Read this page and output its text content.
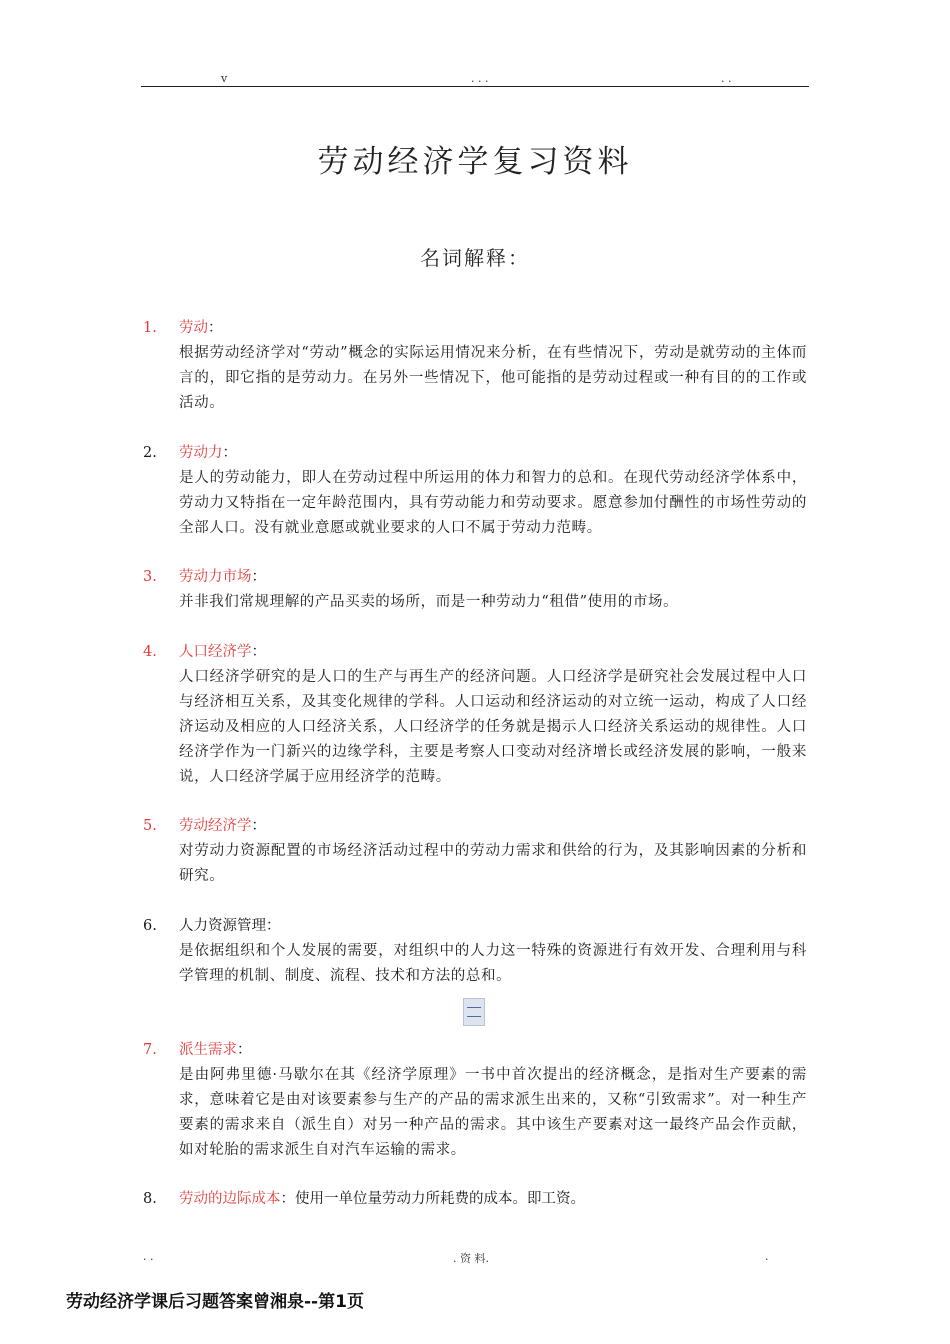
v	. . .	. .
劳动经济学复习资料
名词解释：
1. 劳动：
根据劳动经济学对“劳动”概念的实际运用情况来分析，在有些情况下，劳动是就劳动的主体而言的，即它指的是劳动力。在另外一些情况下，他可能指的是劳动过程或一种有目的的工作或活动。
2. 劳动力：
是人的劳动能力，即人在劳动过程中所运用的体力和智力的总和。在现代劳动经济学体系中，劳动力又特指在一定年龄范围内，具有劳动能力和劳动要求。愿意参加付酬性的市场性劳动的全部人口。没有就业意愿或就业要求的人口不属于劳动力范畴。
3. 劳动力市场：
并非我们常规理解的产品买卖的场所，而是一种劳动力“租借”使用的市场。
4. 人口经济学：
人口经济学研究的是人口的生产与再生产的经济问题。人口经济学是研究社会发展过程中人口与经济相互关系，及其变化规律的学科。人口运动和经济运动的对立统一运动，构成了人口经济运动及相应的人口经济关系，人口经济学的任务就是揭示人口经济关系运动的规律性。人口经济学作为一门新兴的边缘学科，主要是考察人口变动对经济增长或经济发展的影响，一般来说，人口经济学属于应用经济学的范畴。
5. 劳动经济学：
对劳动力资源配置的市场经济活动过程中的劳动力需求和供给的行为，及其影响因素的分析和研究。
6. 人力资源管理：
是依据组织和个人发展的需要，对组织中的人力这一特殊的资源进行有效开发、合理利用与科学管理的机制、制度、流程、技术和方法的总和。
7. 派生需求：
是由阿弗里德·马歇尔在其《经济学原理》一书中首次提出的经济概念，是指对生产要素的需求，意味着它是由对该要素参与生产的产品的需求派生出来的，又称“引致需求”。对一种生产要素的需求来自（派生自）对另一种产品的需求。其中该生产要素对这一最终产品会作贡献，如对轮胎的需求派生自对汽车运输的需求。
8. 劳动的边际成本：使用一单位量劳动力所耗费的成本。即工资。
. .	. 资 料.	.
劳动经济学课后习题答案曾湘泉--第1页
